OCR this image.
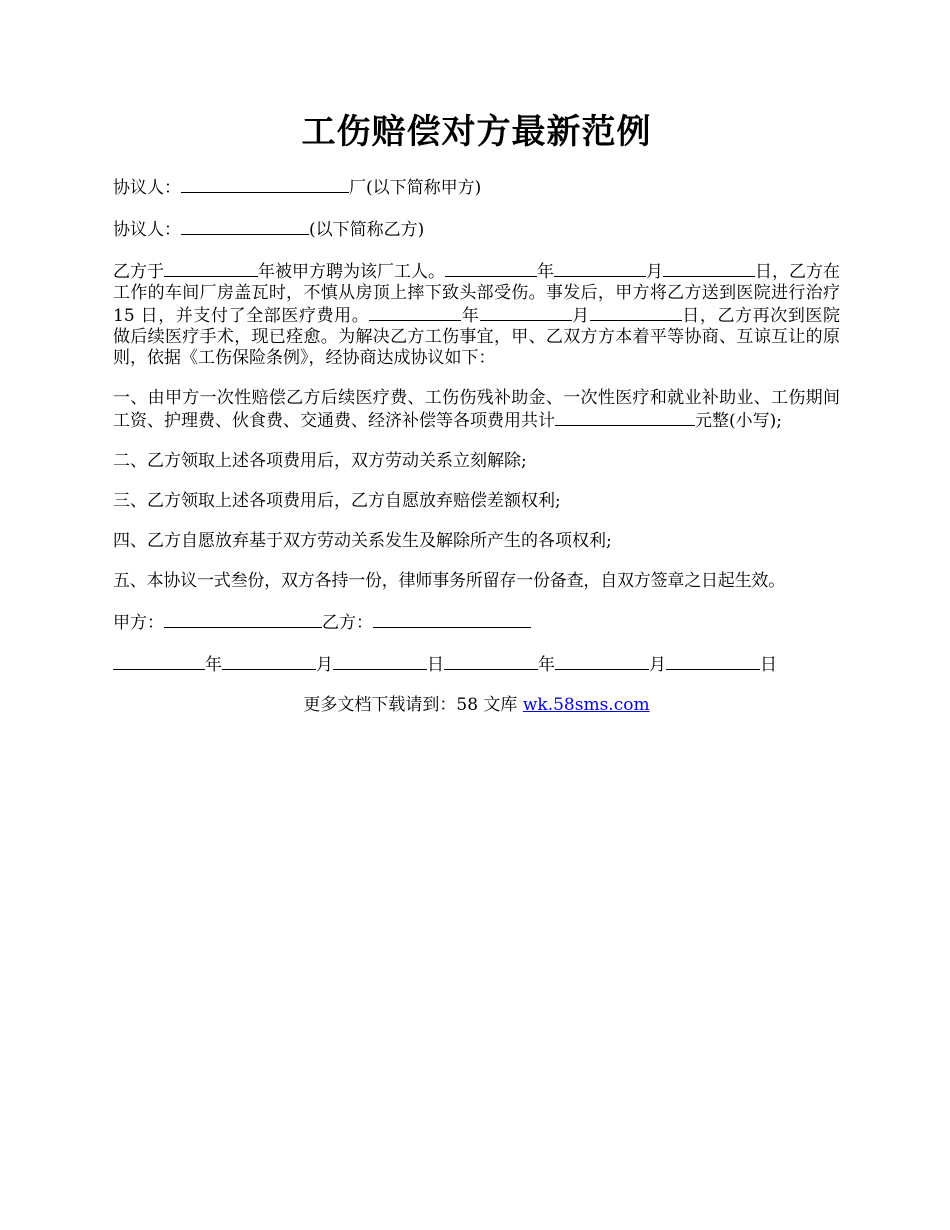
工伤赔偿对方最新范例

协议人：	厂(以下简称甲方)

协议人：	(以下简称乙方)

乙方于	年被甲方聘为该厂工人。	年	月	日，乙方在工作的车间厂房盖瓦时，不慎从房顶上摔下致头部受伤。事发后，甲方将乙方送到医院进行治疗 15 日，并支付了全部医疗费用。	年	月	日，乙方再次到医院做后续医疗手术，现已痊愈。为解决乙方工伤事宜，甲、乙双方方本着平等协商、互谅互让的原则，依据《工伤保险条例》，经协商达成协议如下：

一、由甲方一次性赔偿乙方后续医疗费、工伤伤残补助金、一次性医疗和就业补助业、工伤期间工资、护理费、伙食费、交通费、经济补偿等各项费用共计	元整(小写);

二、乙方领取上述各项费用后，双方劳动关系立刻解除;

三、乙方领取上述各项费用后，乙方自愿放弃赔偿差额权利;

四、乙方自愿放弃基于双方劳动关系发生及解除所产生的各项权利;

五、本协议一式叁份，双方各持一份，律师事务所留存一份备查，自双方签章之日起生效。

甲方：	乙方：

年	月	日	年	月	日

更多文档下载请到：58 文库 wk.58sms.com
